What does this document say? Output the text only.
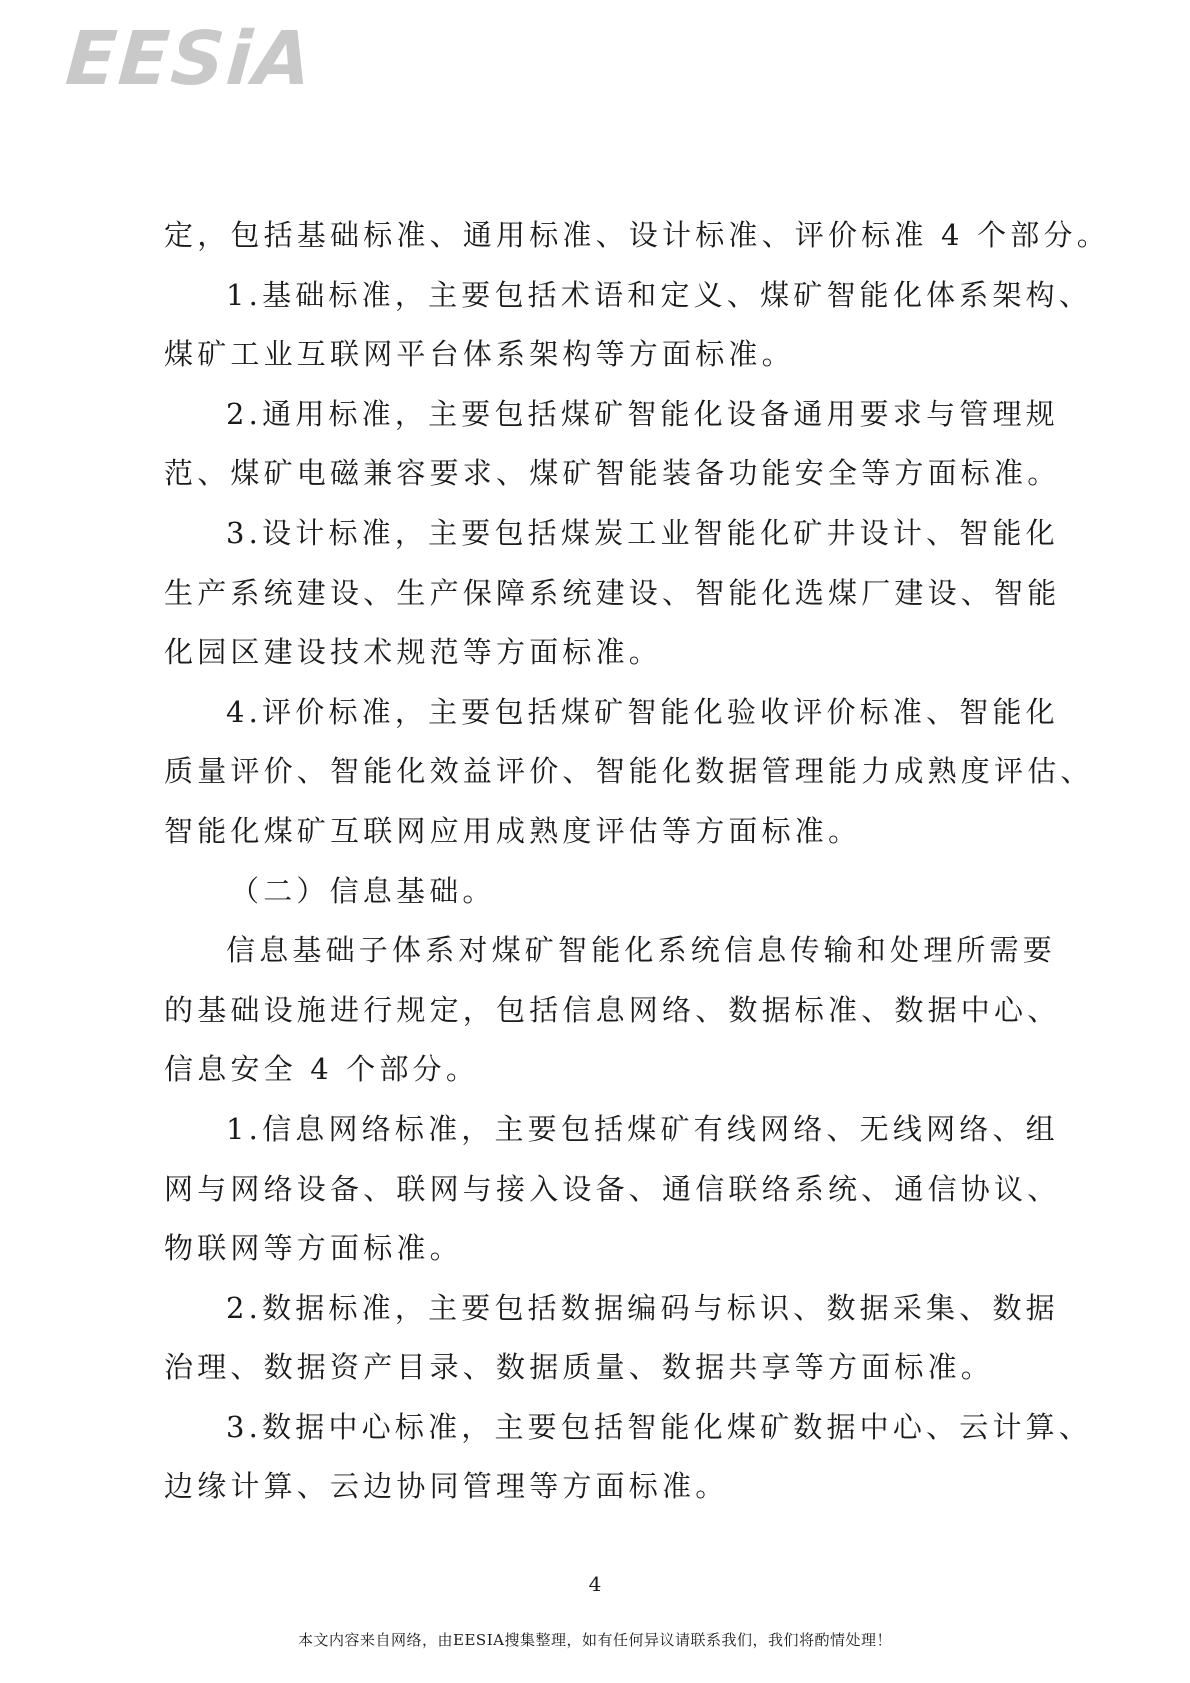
EESiA
定，包括基础标准、通用标准、设计标准、评价标准 4 个部分。
1.基础标准，主要包括术语和定义、煤矿智能化体系架构、
煤矿工业互联网平台体系架构等方面标准。
2.通用标准，主要包括煤矿智能化设备通用要求与管理规
范、煤矿电磁兼容要求、煤矿智能装备功能安全等方面标准。
3.设计标准，主要包括煤炭工业智能化矿井设计、智能化
生产系统建设、生产保障系统建设、智能化选煤厂建设、智能
化园区建设技术规范等方面标准。
4.评价标准，主要包括煤矿智能化验收评价标准、智能化
质量评价、智能化效益评价、智能化数据管理能力成熟度评估、
智能化煤矿互联网应用成熟度评估等方面标准。
（二）信息基础。
信息基础子体系对煤矿智能化系统信息传输和处理所需要
的基础设施进行规定，包括信息网络、数据标准、数据中心、
信息安全 4 个部分。
1.信息网络标准，主要包括煤矿有线网络、无线网络、组
网与网络设备、联网与接入设备、通信联络系统、通信协议、
物联网等方面标准。
2.数据标准，主要包括数据编码与标识、数据采集、数据
治理、数据资产目录、数据质量、数据共享等方面标准。
3.数据中心标准，主要包括智能化煤矿数据中心、云计算、
边缘计算、云边协同管理等方面标准。
4
本文内容来自网络，由EESIA搜集整理，如有任何异议请联系我们，我们将酌情处理！
